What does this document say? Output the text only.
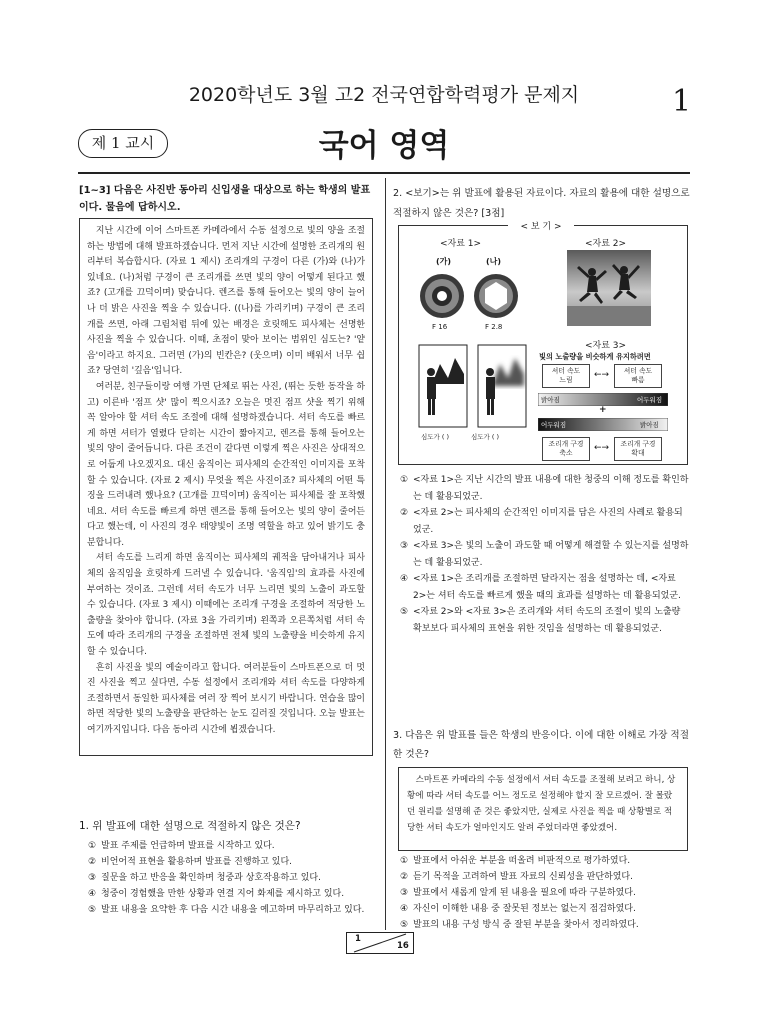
2020학년도 3월 고2 전국연합학력평가 문제지	1
제 1 교시	국어 영역
[1~3] 다음은 사진반 동아리 신입생을 대상으로 하는 학생의 발표이다. 물음에 답하시오.

지난 시간에 이어 스마트폰 카메라에서 수동 설정으로 빛의 양을 조절하는 방법에 대해 발표하겠습니다. 먼저 지난 시간에 설명한 조리개의 원리부터 복습합시다. (자료 1 제시) 조리개의 구경이 다른 (가)와 (나)가 있네요. (나)처럼 구경이 큰 조리개를 쓰면 빛의 양이 어떻게 된다고 했죠? (고개를 끄덕이며) 맞습니다. 렌즈를 통해 들어오는 빛의 양이 늘어나 더 밝은 사진을 찍을 수 있습니다. ((나)를 가리키며) 구경이 큰 조리개를 쓰면, 아래 그림처럼 뒤에 있는 배경은 흐릿해도 피사체는 선명한 사진을 찍을 수 있습니다. 이때, 초점이 맞아 보이는 범위인 심도는? '얕음'이라고 하지요. 그러면 (가)의 빈칸은? (웃으며) 이미 배워서 너무 쉽죠? 당연히 '깊음'입니다.

여러분, 친구들이랑 여행 가면 단체로 뛰는 사진, (뛰는 듯한 동작을 하고) 이른바 '점프 샷' 많이 찍으시죠? 오늘은 멋진 점프 샷을 찍기 위해 꼭 알아야 할 셔터 속도 조절에 대해 설명하겠습니다. 셔터 속도를 빠르게 하면 셔터가 열렸다 닫히는 시간이 짧아지고, 렌즈를 통해 들어오는 빛의 양이 줄어듭니다. 다른 조건이 같다면 이렇게 찍은 사진은 상대적으로 어둡게 나오겠지요. 대신 움직이는 피사체의 순간적인 이미지를 포착할 수 있습니다. (자료 2 제시) 무엇을 찍은 사진이죠? 피사체의 어떤 특징을 드러내려 했나요? (고개를 끄덕이며) 움직이는 피사체를 잘 포착했네요. 셔터 속도를 빠르게 하면 렌즈를 통해 들어오는 빛의 양이 줄어든다고 했는데, 이 사진의 경우 태양빛이 조명 역할을 하고 있어 밝기도 충분합니다.

셔터 속도를 느리게 하면 움직이는 피사체의 궤적을 담아내거나 피사체의 움직임을 흐릿하게 드러낼 수 있습니다. '움직임'의 효과를 사진에 부여하는 것이죠. 그런데 셔터 속도가 너무 느리면 빛의 노출이 과도할 수 있습니다. (자료 3 제시) 이때에는 조리개 구경을 조절하여 적당한 노출량을 찾아야 합니다. (자료 3을 가리키며) 왼쪽과 오른쪽처럼 셔터 속도에 따라 조리개의 구경을 조절하면 전체 빛의 노출량을 비슷하게 유지할 수 있습니다.

흔히 사진을 빛의 예술이라고 합니다. 여러분들이 스마트폰으로 더 멋진 사진을 찍고 싶다면, 수동 설정에서 조리개와 셔터 속도를 다양하게 조절하면서 동일한 피사체를 여러 장 찍어 보시기 바랍니다. 연습을 많이 하면 적당한 빛의 노출량을 판단하는 눈도 길러질 것입니다. 오늘 발표는 여기까지입니다. 다음 동아리 시간에 뵙겠습니다.

1. 위 발표에 대한 설명으로 적절하지 않은 것은?
① 발표 주제를 언급하며 발표를 시작하고 있다.
② 비언어적 표현을 활용하며 발표를 진행하고 있다.
③ 질문을 하고 반응을 확인하며 청중과 상호작용하고 있다.
④ 청중이 경험했을 만한 상황과 연결 지어 화제를 제시하고 있다.
⑤ 발표 내용을 요약한 후 다음 시간 내용을 예고하며 마무리하고 있다.
2. <보기>는 위 발표에 활용된 자료이다. 자료의 활용에 대한 설명으로 적절하지 않은 것은? [3점]
< 보 기 >
<자료 1>	<자료 2>
<자료 3>
(가)	(나)
F 16	F 2.8
심도가 ( )	심도가 ( )
빛의 노출량을 비슷하게 유지하려면
셔터 속도
느림
셔터 속도
빠름
←→
밝아짐	어두워짐
+
어두워짐	밝아짐
조리개 구경
축소
조리개 구경
확대
←→
① <자료 1>은 지난 시간의 발표 내용에 대한 청중의 이해 정도를 확인하는 데 활용되었군.
② <자료 2>는 피사체의 순간적인 이미지를 담은 사진의 사례로 활용되었군.
③ <자료 3>은 빛의 노출이 과도할 때 어떻게 해결할 수 있는지를 설명하는 데 활용되었군.
④ <자료 1>은 조리개를 조절하면 달라지는 점을 설명하는 데, <자료 2>는 셔터 속도를 빠르게 했을 때의 효과를 설명하는 데 활용되었군.
⑤ <자료 2>와 <자료 3>은 조리개와 셔터 속도의 조절이 빛의 노출량 확보보다 피사체의 표현을 위한 것임을 설명하는 데 활용되었군.
3. 다음은 위 발표를 들은 학생의 반응이다. 이에 대한 이해로 가장 적절한 것은?
스마트폰 카메라의 수동 설정에서 셔터 속도를 조절해 보려고 하니, 상황에 따라 셔터 속도를 어느 정도로 설정해야 할지 잘 모르겠어. 잘 몰랐던 원리를 설명해 준 것은 좋았지만, 실제로 사진을 찍을 때 상황별로 적당한 셔터 속도가 얼마인지도 알려 주었더라면 좋았겠어.
① 발표에서 아쉬운 부분을 떠올려 비판적으로 평가하였다.
② 듣기 목적을 고려하여 발표 자료의 신뢰성을 판단하였다.
③ 발표에서 새롭게 알게 된 내용을 필요에 따라 구분하였다.
④ 자신이 이해한 내용 중 잘못된 정보는 없는지 점검하였다.
⑤ 발표의 내용 구성 방식 중 잘된 부분을 찾아서 정리하였다.
1
16
